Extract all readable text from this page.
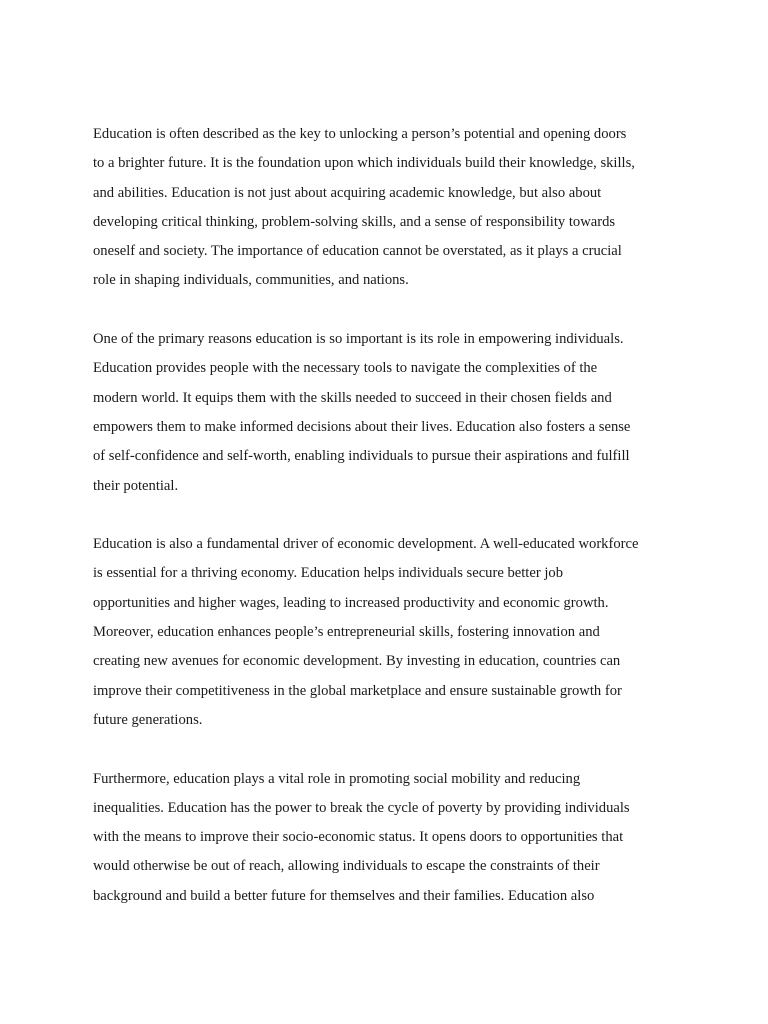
Education is often described as the key to unlocking a person’s potential and opening doors
to a brighter future. It is the foundation upon which individuals build their knowledge, skills,
and abilities. Education is not just about acquiring academic knowledge, but also about
developing critical thinking, problem-solving skills, and a sense of responsibility towards
oneself and society. The importance of education cannot be overstated, as it plays a crucial
role in shaping individuals, communities, and nations.

One of the primary reasons education is so important is its role in empowering individuals.
Education provides people with the necessary tools to navigate the complexities of the
modern world. It equips them with the skills needed to succeed in their chosen fields and
empowers them to make informed decisions about their lives. Education also fosters a sense
of self-confidence and self-worth, enabling individuals to pursue their aspirations and fulfill
their potential.

Education is also a fundamental driver of economic development. A well-educated workforce
is essential for a thriving economy. Education helps individuals secure better job
opportunities and higher wages, leading to increased productivity and economic growth.
Moreover, education enhances people’s entrepreneurial skills, fostering innovation and
creating new avenues for economic development. By investing in education, countries can
improve their competitiveness in the global marketplace and ensure sustainable growth for
future generations.

Furthermore, education plays a vital role in promoting social mobility and reducing
inequalities. Education has the power to break the cycle of poverty by providing individuals
with the means to improve their socio-economic status. It opens doors to opportunities that
would otherwise be out of reach, allowing individuals to escape the constraints of their
background and build a better future for themselves and their families. Education also
